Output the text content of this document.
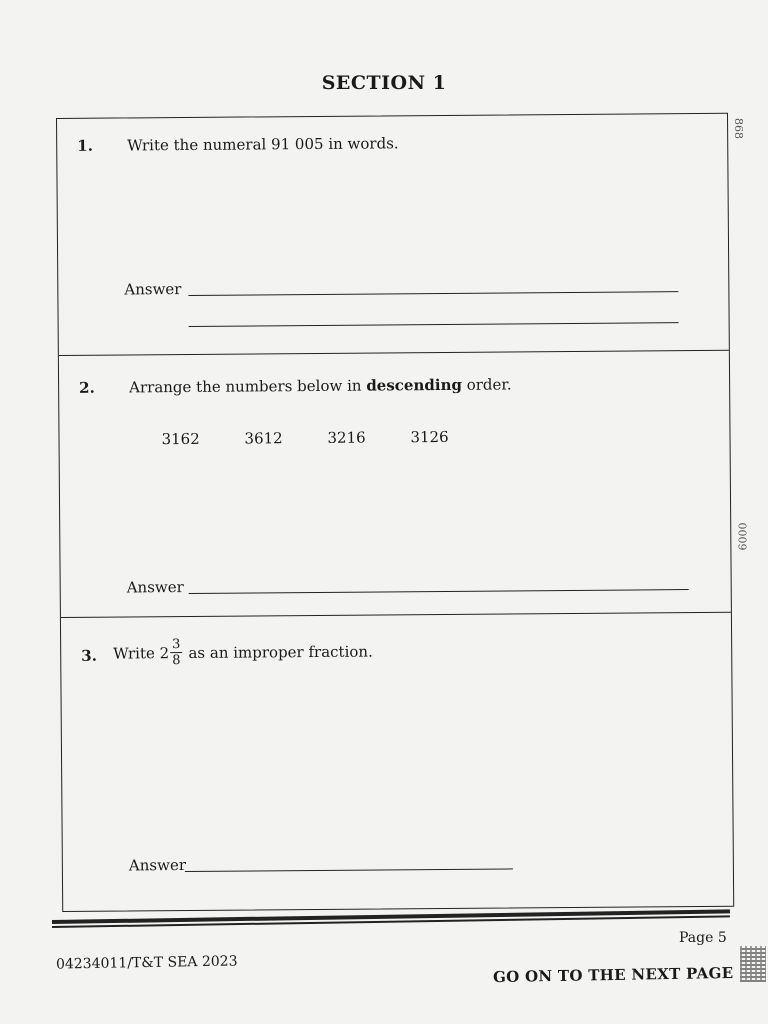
SECTION 1
868
0009
1. Write the numeral 91 005 in words.
Answer
2. Arrange the numbers below in descending order.
3162	3612	3216	3126
Answer
3. Write $2 \frac{3}{8}$ as an improper fraction.
Answer
Page 5
04234011/T&T SEA 2023
GO ON TO THE NEXT PAGE
